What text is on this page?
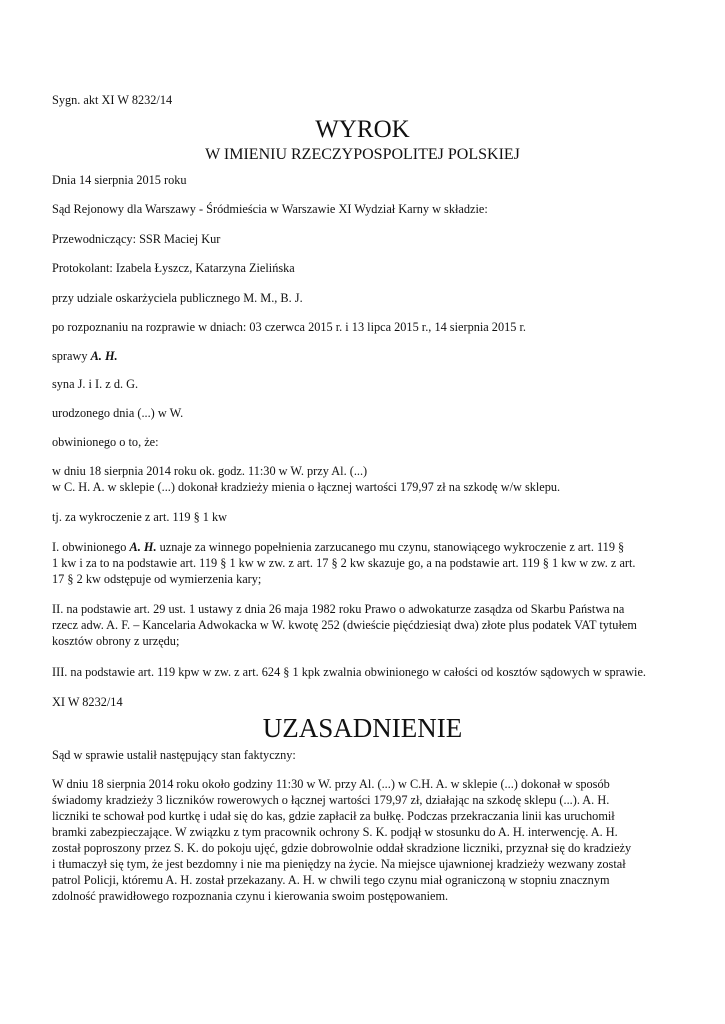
Sygn. akt XI W 8232/14

WYROK
W IMIENIU RZECZYPOSPOLITEJ POLSKIEJ

Dnia 14 sierpnia 2015 roku

Sąd Rejonowy dla Warszawy - Śródmieścia w Warszawie XI Wydział Karny w składzie:

Przewodniczący: SSR Maciej Kur

Protokolant: Izabela Łyszcz, Katarzyna Zielińska

przy udziale oskarżyciela publicznego M. M., B. J.

po rozpoznaniu na rozprawie w dniach: 03 czerwca 2015 r. i 13 lipca 2015 r., 14 sierpnia 2015 r.

sprawy A. H.

syna J. i I. z d. G.

urodzonego dnia (...) w W.

obwinionego o to, że:

w dniu 18 sierpnia 2014 roku ok. godz. 11:30 w W. przy Al. (...)
w C. H. A. w sklepie (...) dokonał kradzieży mienia o łącznej wartości 179,97 zł na szkodę w/w sklepu.

tj. za wykroczenie z art. 119 § 1 kw

I. obwinionego A. H. uznaje za winnego popełnienia zarzucanego mu czynu, stanowiącego wykroczenie z art. 119 §
1 kw i za to na podstawie art. 119 § 1 kw w zw. z art. 17 § 2 kw skazuje go, a na podstawie art. 119 § 1 kw w zw. z art.
17 § 2 kw odstępuje od wymierzenia kary;

II. na podstawie art. 29 ust. 1 ustawy z dnia 26 maja 1982 roku Prawo o adwokaturze zasądza od Skarbu Państwa na
rzecz adw. A. F. – Kancelaria Adwokacka w W. kwotę 252 (dwieście pięćdziesiąt dwa) złote plus podatek VAT tytułem
kosztów obrony z urzędu;

III. na podstawie art. 119 kpw w zw. z art. 624 § 1 kpk zwalnia obwinionego w całości od kosztów sądowych w sprawie.

XI W 8232/14

UZASADNIENIE

Sąd w sprawie ustalił następujący stan faktyczny:

W dniu 18 sierpnia 2014 roku około godziny 11:30 w W. przy Al. (...) w C.H. A. w sklepie (...) dokonał w sposób
świadomy kradzieży 3 liczników rowerowych o łącznej wartości 179,97 zł, działając na szkodę sklepu (...). A. H.
liczniki te schował pod kurtkę i udał się do kas, gdzie zapłacił za bułkę. Podczas przekraczania linii kas uruchomił
bramki zabezpieczające. W związku z tym pracownik ochrony S. K. podjął w stosunku do A. H. interwencję. A. H.
został poproszony przez S. K. do pokoju ujęć, gdzie dobrowolnie oddał skradzione liczniki, przyznał się do kradzieży
i tłumaczył się tym, że jest bezdomny i nie ma pieniędzy na życie. Na miejsce ujawnionej kradzieży wezwany został
patrol Policji, któremu A. H. został przekazany. A. H. w chwili tego czynu miał ograniczoną w stopniu znacznym
zdolność prawidłowego rozpoznania czynu i kierowania swoim postępowaniem.
